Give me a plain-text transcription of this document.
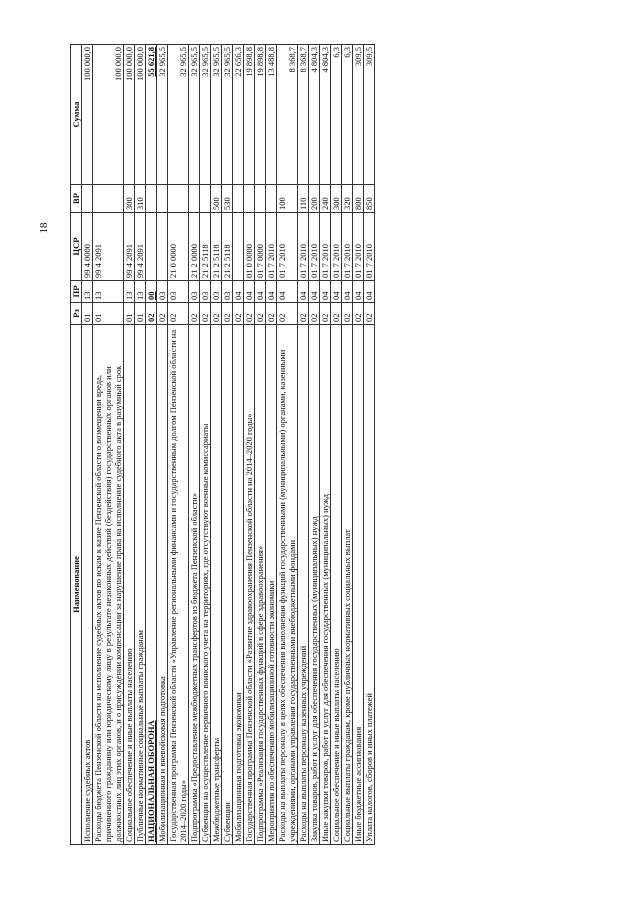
18
Наименование	Рз	ПР	ЦСР	ВР	Сумма
Исполнение судебных актов	01	13	99 4 0000		100 000,0
Расходы бюджета Пензенской области на исполнение судебных актов по искам к казне Пензенской области о возмещении вреда, причиненного гражданину или юридическому лицу в результате незаконных действий (бездействия) государственных органов или должностных лиц этих органов, и о присуждении компенсации за нарушение права на исполнение судебного акта в разумный срок	01	13	99 4 2091		100 000,0
Социальное обеспечение и иные выплаты населению	01	13	99 4 2091	300	100 000,0
Публичные нормативные социальные выплаты гражданам	01	13	99 4 2091	310	100 000,0
НАЦИОНАЛЬНАЯ ОБОРОНА	02	00			55 621,8
Мобилизационная и вневойсковая подготовка	02	03			32 965,5
Государственная программа Пензенской области «Управление региональными финансами и государственным долгом Пензенской области на 2014–2020 годы»	02	03	21 0 0000		32 965,5
Подпрограмма «Предоставление межбюджетных трансфертов из бюджета Пензенской области»	02	03	21 2 0000		32 965,5
Субвенции на осуществление первичного воинского учета на территориях, где отсутствуют военные комиссариаты	02	03	21 2 5118		32 965,5
Межбюджетные трансферты	02	03	21 2 5118	500	32 965,5
Субвенции	02	03	21 2 5118	530	32 965,5
Мобилизационная подготовка экономики	02	04			22 656,3
Государственная программа Пензенской области «Развитие здравоохранения Пензенской области на 2014–2020 годы»	02	04	01 0 0000		19 898,8
Подпрограмма «Реализация государственных функций в сфере здравоохранения»	02	04	01 7 0000		19 898,8
Мероприятия по обеспечению мобилизационной готовности экономики	02	04	01 7 2010		13 488,8
Расходы на выплаты персоналу в целях обеспечения выполнения функций государственными (муниципальными) органами, казенными учреждениями, органами управления государственными внебюджетными фондами	02	04	01 7 2010	100	8 368,7
Расходы на выплаты персоналу казенных учреждений	02	04	01 7 2010	110	8 368,7
Закупка товаров, работ и услуг для обеспечения государственных (муниципальных) нужд	02	04	01 7 2010	200	4 804,3
Иные закупки товаров, работ и услуг для обеспечения государственных (муниципальных) нужд	02	04	01 7 2010	240	4 804,3
Социальное обеспечение и иные выплаты населению	02	04	01 7 2010	300	6,3
Социальные выплаты гражданам, кроме публичных нормативных социальных выплат	02	04	01 7 2010	320	6,3
Иные бюджетные ассигнования	02	04	01 7 2010	800	309,5
Уплата налогов, сборов и иных платежей	02	04	01 7 2010	850	309,5
